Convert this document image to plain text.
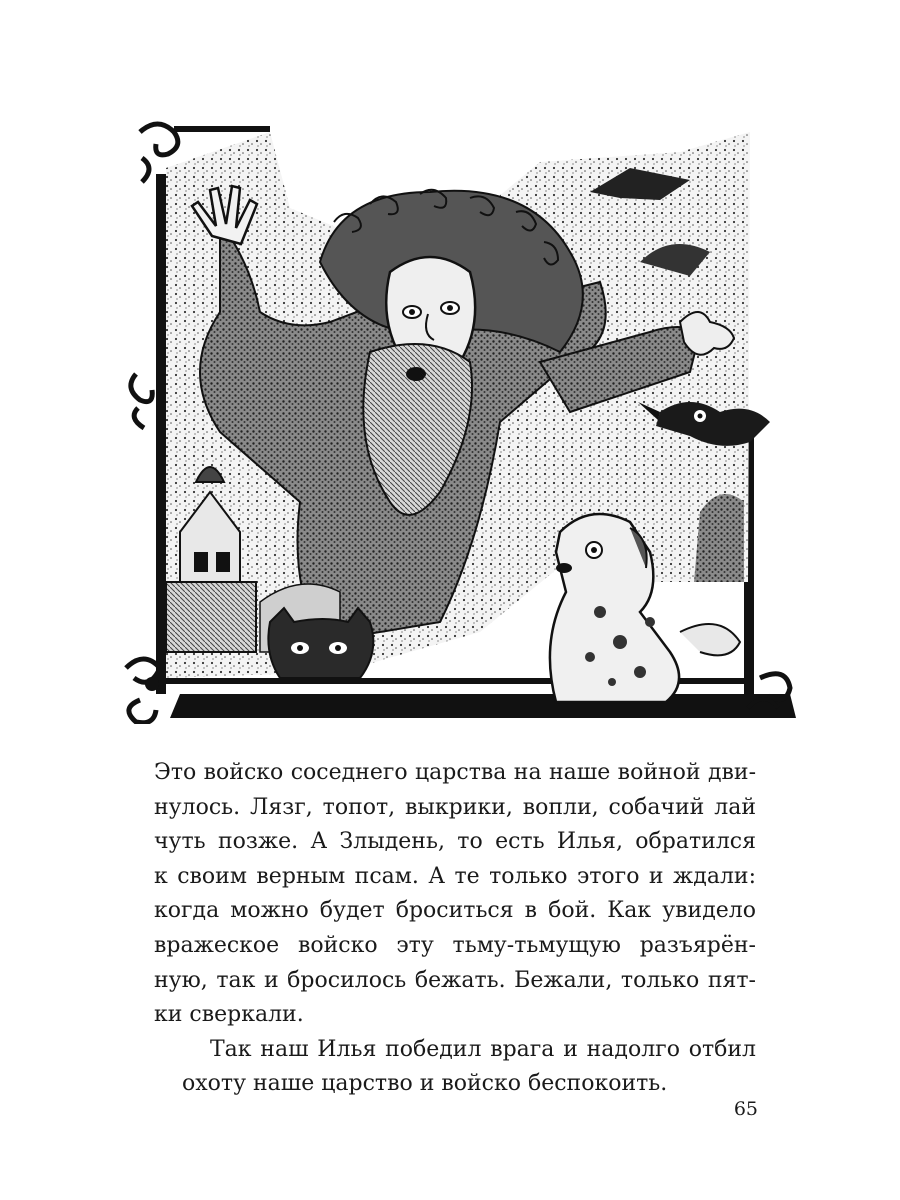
Это войско соседнего царства на наше войной дви-
нулось. Лязг, топот, выкрики, вопли, собачий лай
чуть позже. А Злыдень, то есть Илья, обратился
к своим верным псам. А те только этого и ждали:
когда можно будет броситься в бой. Как увидело
вражеское войско эту тьму-тьмущую разъярён-
ную, так и бросилось бежать. Бежали, только пят-
ки сверкали.

Так наш Илья победил врага и надолго отбил
охоту наше царство и войско беспокоить.

65
